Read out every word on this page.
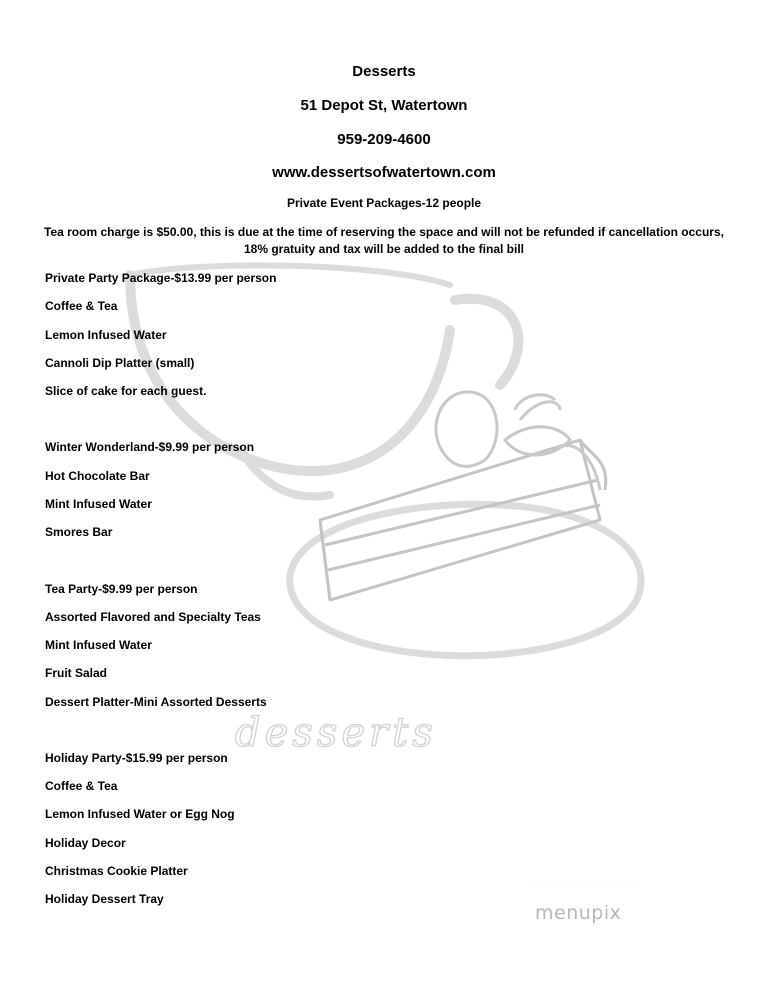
· · · · · · · · · · · · · · · ·
menupix
desserts
Desserts
51 Depot St, Watertown
959-209-4600
www.dessertsofwatertown.com
Private Event Packages-12 people
Tea room charge is $50.00, this is due at the time of reserving the space and will not be refunded if cancellation occurs, 18% gratuity and tax will be added to the final bill
Private Party Package-$13.99 per person
Coffee & Tea
Lemon Infused Water
Cannoli Dip Platter (small)
Slice of cake for each guest.
Winter Wonderland-$9.99 per person
Hot Chocolate Bar
Mint Infused Water
Smores Bar
Tea Party-$9.99 per person
Assorted Flavored and Specialty Teas
Mint Infused Water
Fruit Salad
Dessert Platter-Mini Assorted Desserts
Holiday Party-$15.99 per person
Coffee & Tea
Lemon Infused Water or Egg Nog
Holiday Decor
Christmas Cookie Platter
Holiday Dessert Tray
